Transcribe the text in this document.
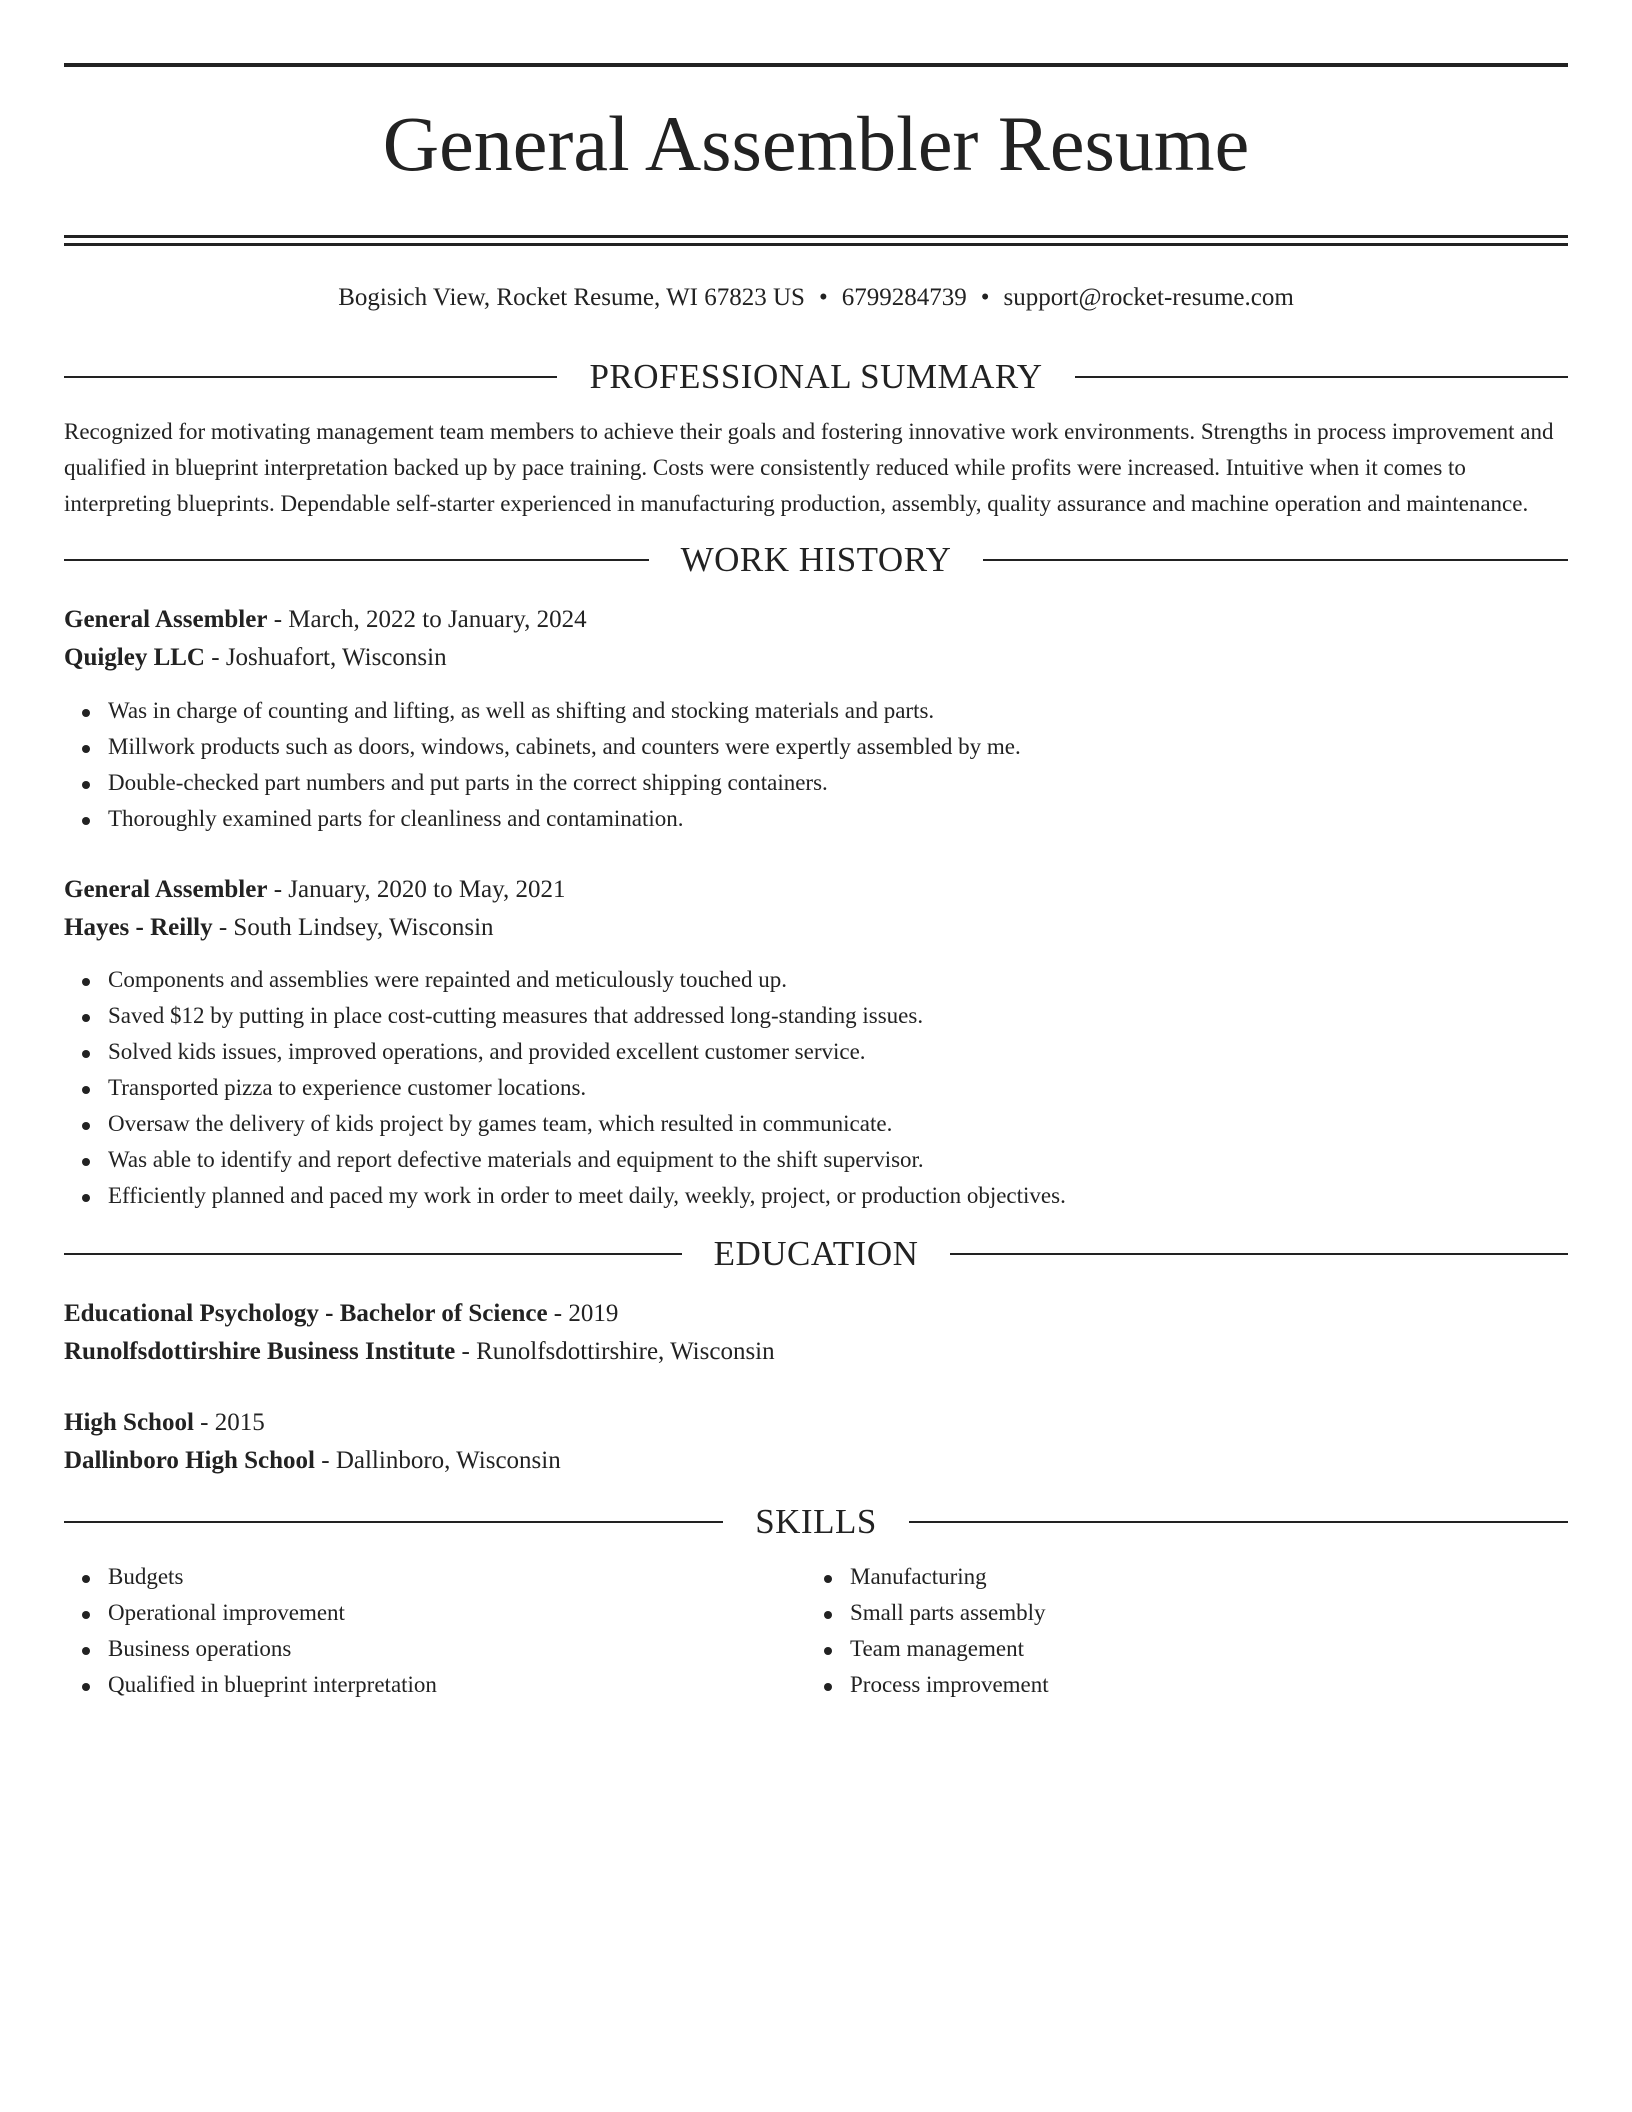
General Assembler Resume
Bogisich View, Rocket Resume, WI 67823 US • 6799284739 • support@rocket-resume.com
PROFESSIONAL SUMMARY

Recognized for motivating management team members to achieve their goals and fostering innovative work environments. Strengths in process improvement and qualified in blueprint interpretation backed up by pace training. Costs were consistently reduced while profits were increased. Intuitive when it comes to interpreting blueprints. Dependable self-starter experienced in manufacturing production, assembly, quality assurance and machine operation and maintenance.

WORK HISTORY
General Assembler - March, 2022 to January, 2024
Quigley LLC - Joshuafort, Wisconsin
Was in charge of counting and lifting, as well as shifting and stocking materials and parts.
Millwork products such as doors, windows, cabinets, and counters were expertly assembled by me.
Double-checked part numbers and put parts in the correct shipping containers.
Thoroughly examined parts for cleanliness and contamination.
General Assembler - January, 2020 to May, 2021
Hayes - Reilly - South Lindsey, Wisconsin
Components and assemblies were repainted and meticulously touched up.
Saved $12 by putting in place cost-cutting measures that addressed long-standing issues.
Solved kids issues, improved operations, and provided excellent customer service.
Transported pizza to experience customer locations.
Oversaw the delivery of kids project by games team, which resulted in communicate.
Was able to identify and report defective materials and equipment to the shift supervisor.
Efficiently planned and paced my work in order to meet daily, weekly, project, or production objectives.
EDUCATION
Educational Psychology - Bachelor of Science - 2019
Runolfsdottirshire Business Institute - Runolfsdottirshire, Wisconsin
High School - 2015
Dallinboro High School - Dallinboro, Wisconsin
SKILLS
Budgets
Operational improvement
Business operations
Qualified in blueprint interpretation
Manufacturing
Small parts assembly
Team management
Process improvement
